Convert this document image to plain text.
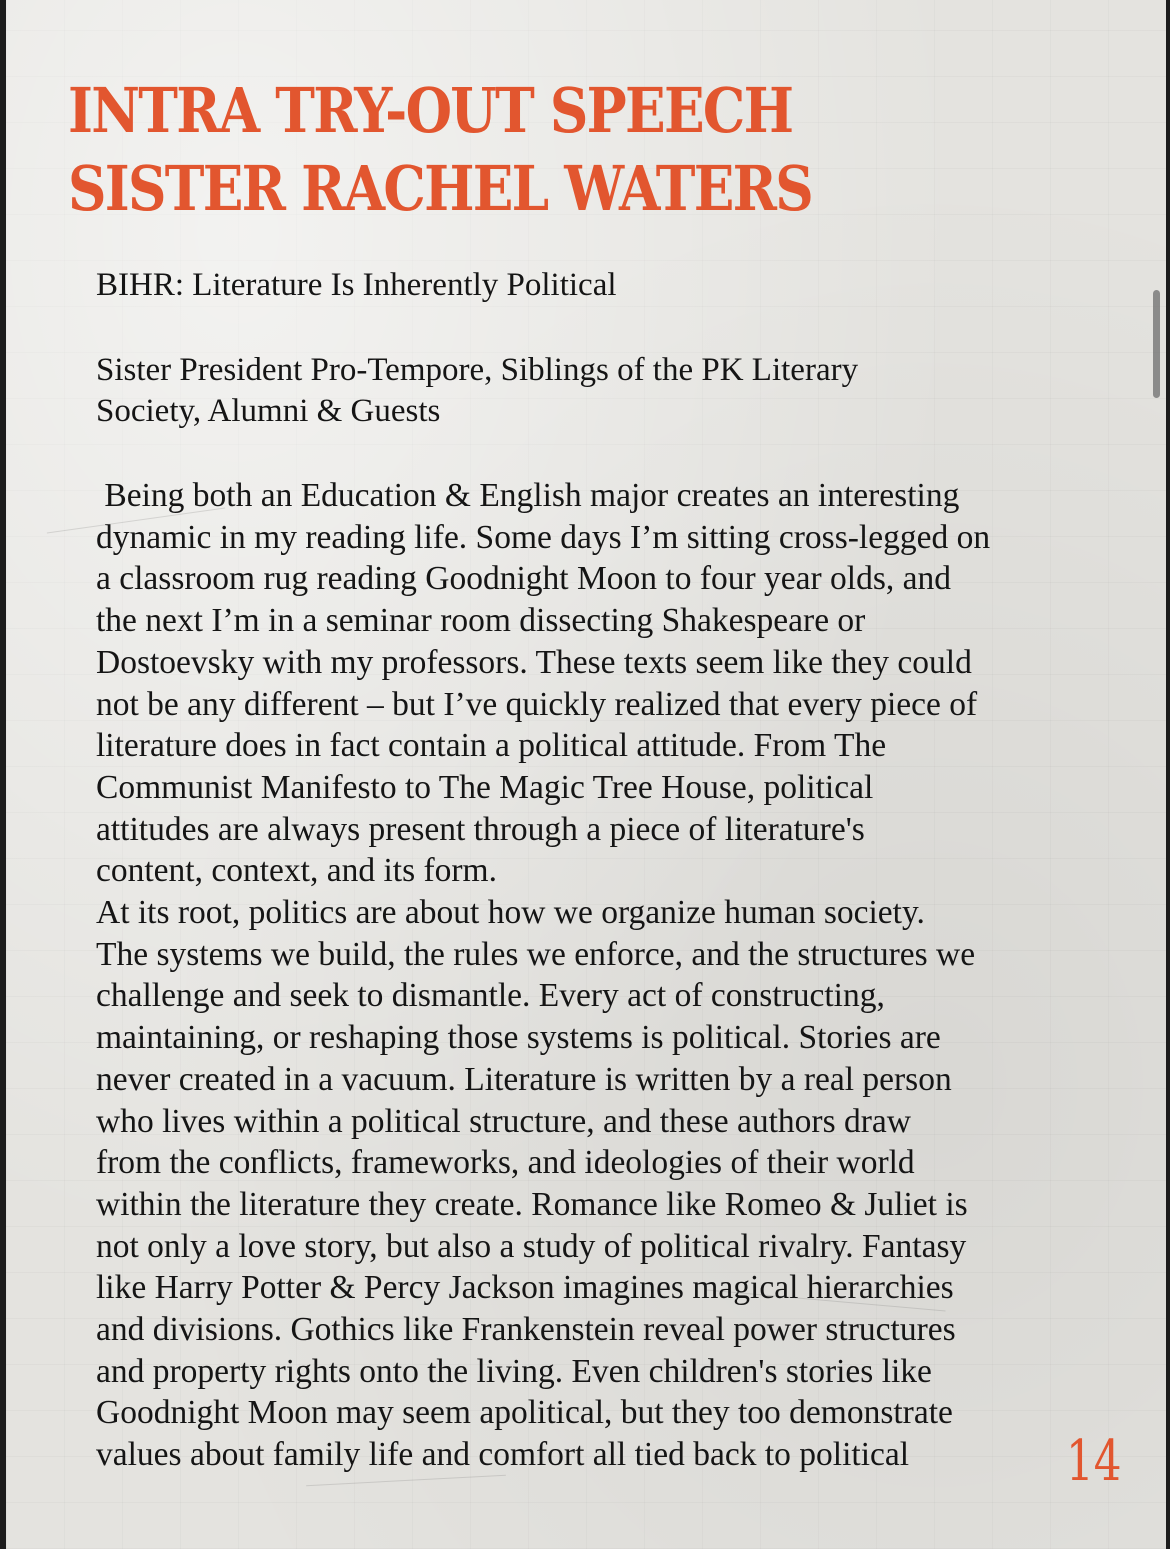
INTRA TRY-OUT SPEECH
SISTER RACHEL WATERS

BIHR: Literature Is Inherently Political

Sister President Pro-Tempore, Siblings of the PK Literary
Society, Alumni & Guests

Being both an Education & English major creates an interesting
dynamic in my reading life. Some days I’m sitting cross-legged on
a classroom rug reading Goodnight Moon to four year olds, and
the next I’m in a seminar room dissecting Shakespeare or
Dostoevsky with my professors. These texts seem like they could
not be any different – but I’ve quickly realized that every piece of
literature does in fact contain a political attitude. From The
Communist Manifesto to The Magic Tree House, political
attitudes are always present through a piece of literature's
content, context, and its form.
At its root, politics are about how we organize human society.
The systems we build, the rules we enforce, and the structures we
challenge and seek to dismantle. Every act of constructing,
maintaining, or reshaping those systems is political. Stories are
never created in a vacuum. Literature is written by a real person
who lives within a political structure, and these authors draw
from the conflicts, frameworks, and ideologies of their world
within the literature they create. Romance like Romeo & Juliet is
not only a love story, but also a study of political rivalry. Fantasy
like Harry Potter & Percy Jackson imagines magical hierarchies
and divisions. Gothics like Frankenstein reveal power structures
and property rights onto the living. Even children's stories like
Goodnight Moon may seem apolitical, but they too demonstrate
values about family life and comfort all tied back to political	14
